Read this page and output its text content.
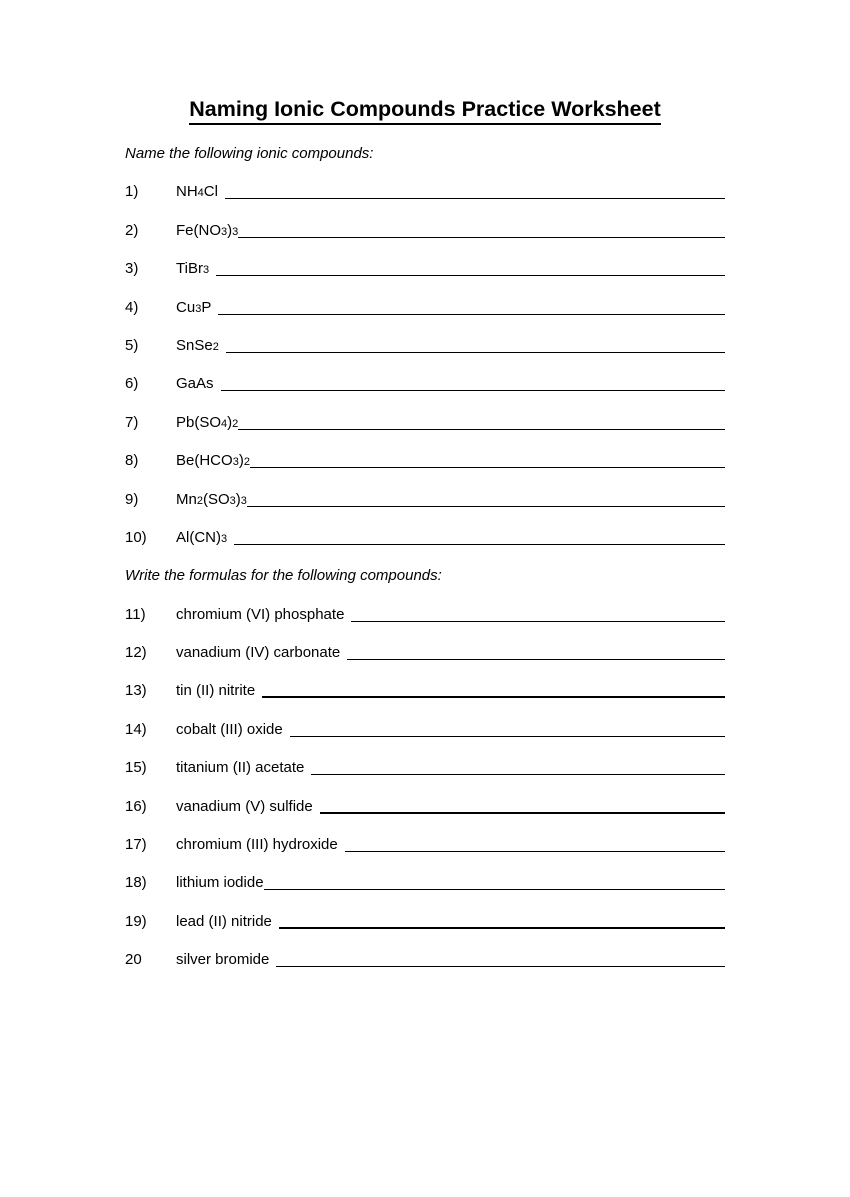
Naming Ionic Compounds Practice Worksheet
Name the following ionic compounds:
1)	NH4Cl
2)	Fe(NO3)3
3)	TiBr3
4)	Cu3P
5)	SnSe2
6)	GaAs
7)	Pb(SO4)2
8)	Be(HCO3)2
9)	Mn2(SO3)3
10)	Al(CN)3
Write the formulas for the following compounds:
11)	chromium (VI) phosphate
12)	vanadium (IV) carbonate
13)	tin (II) nitrite
14)	cobalt (III) oxide
15)	titanium (II) acetate
16)	vanadium (V) sulfide
17)	chromium (III) hydroxide
18)	lithium iodide
19)	lead (II) nitride
20	silver bromide
